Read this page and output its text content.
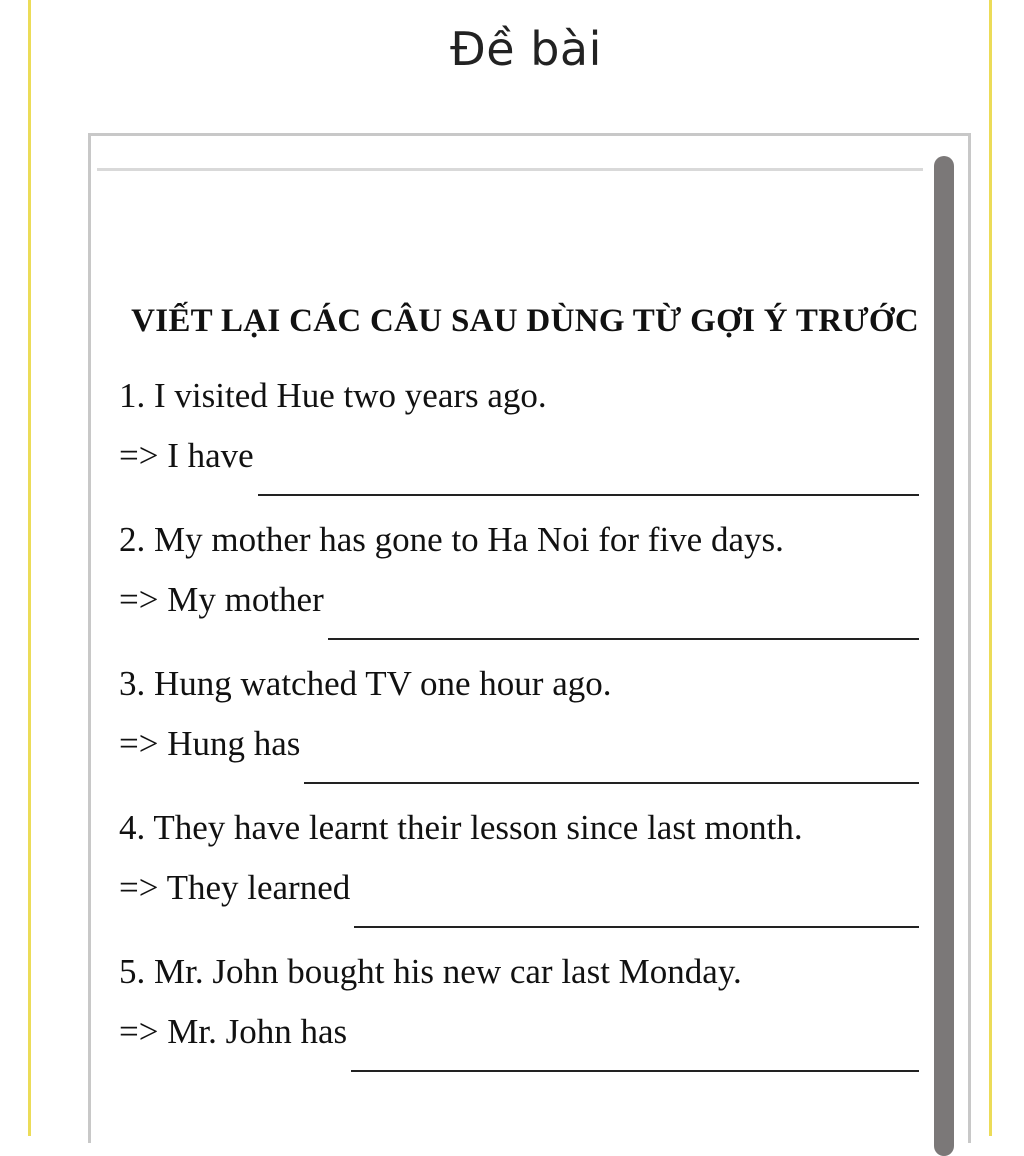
Đề bài
VIẾT LẠI CÁC CÂU SAU DÙNG TỪ GỢI Ý TRƯỚC
1. I visited Hue two years ago.
=> I have
2. My mother has gone to Ha Noi for five days.
=> My mother
3. Hung watched TV one hour ago.
=> Hung has
4. They have learnt their lesson since last month.
=> They learned
5. Mr. John bought his new car last Monday.
=> Mr. John has
